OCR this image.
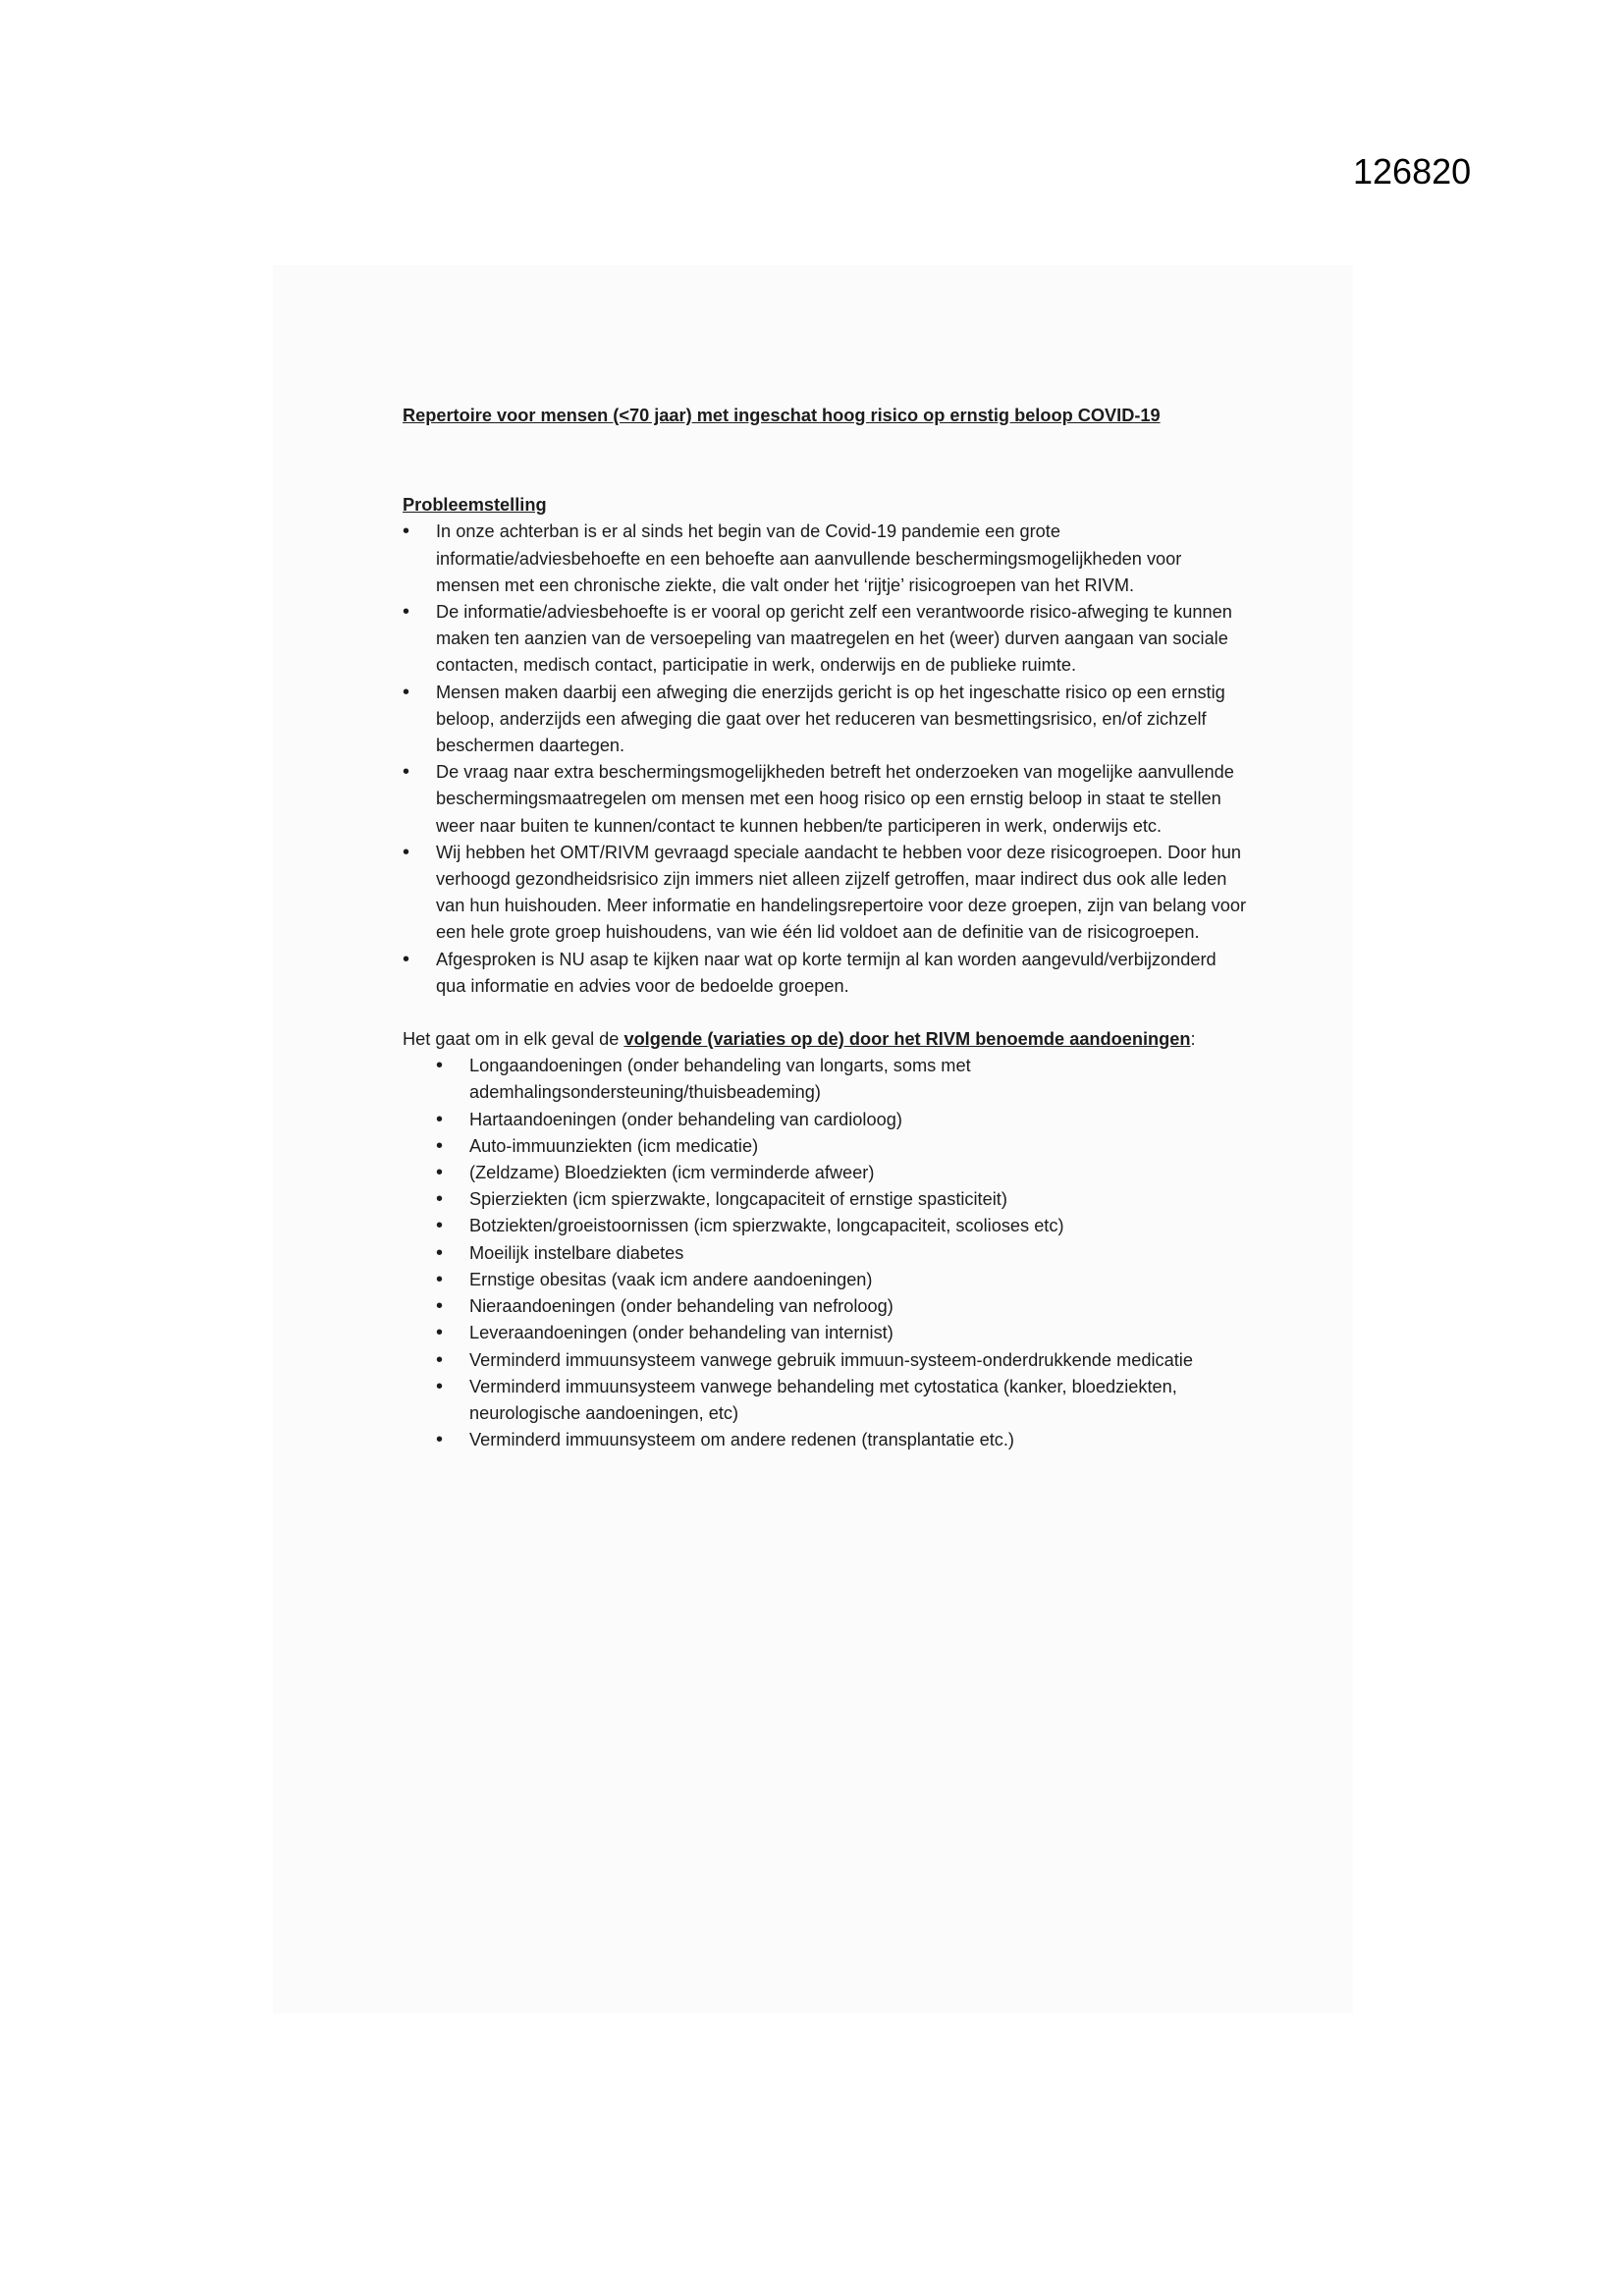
126820

Repertoire voor mensen (<70 jaar) met ingeschat hoog risico op ernstig beloop COVID-19

Probleemstelling

• In onze achterban is er al sinds het begin van de Covid-19 pandemie een grote informatie/adviesbehoefte en een behoefte aan aanvullende beschermingsmogelijkheden voor mensen met een chronische ziekte, die valt onder het ‘rijtje’ risicogroepen van het RIVM.
• De informatie/adviesbehoefte is er vooral op gericht zelf een verantwoorde risico-afweging te kunnen maken ten aanzien van de versoepeling van maatregelen en het (weer) durven aangaan van sociale contacten, medisch contact, participatie in werk, onderwijs en de publieke ruimte.
• Mensen maken daarbij een afweging die enerzijds gericht is op het ingeschatte risico op een ernstig beloop, anderzijds een afweging die gaat over het reduceren van besmettingsrisico, en/of zichzelf beschermen daartegen.
• De vraag naar extra beschermingsmogelijkheden betreft het onderzoeken van mogelijke aanvullende beschermingsmaatregelen om mensen met een hoog risico op een ernstig beloop in staat te stellen weer naar buiten te kunnen/contact te kunnen hebben/te participeren in werk, onderwijs etc.
• Wij hebben het OMT/RIVM gevraagd speciale aandacht te hebben voor deze risicogroepen. Door hun verhoogd gezondheidsrisico zijn immers niet alleen zijzelf getroffen, maar indirect dus ook alle leden van hun huishouden. Meer informatie en handelingsrepertoire voor deze groepen, zijn van belang voor een hele grote groep huishoudens, van wie één lid voldoet aan de definitie van de risicogroepen.
• Afgesproken is NU asap te kijken naar wat op korte termijn al kan worden aangevuld/verbijzonderd qua informatie en advies voor de bedoelde groepen.

Het gaat om in elk geval de volgende (variaties op de) door het RIVM benoemde aandoeningen:

• Longaandoeningen (onder behandeling van longarts, soms met ademhalingsondersteuning/thuisbeademing)
• Hartaandoeningen (onder behandeling van cardioloog)
• Auto-immuunziekten (icm medicatie)
• (Zeldzame) Bloedziekten (icm verminderde afweer)
• Spierziekten (icm spierzwakte, longcapaciteit of ernstige spasticiteit)
• Botziekten/groeistoornissen (icm spierzwakte, longcapaciteit, scolioses etc)
• Moeilijk instelbare diabetes
• Ernstige obesitas (vaak icm andere aandoeningen)
• Nieraandoeningen (onder behandeling van nefroloog)
• Leveraandoeningen (onder behandeling van internist)
• Verminderd immuunsysteem vanwege gebruik immuun-systeem-onderdrukkende medicatie
• Verminderd immuunsysteem vanwege behandeling met cytostatica (kanker, bloedziekten, neurologische aandoeningen, etc)
• Verminderd immuunsysteem om andere redenen (transplantatie etc.)
